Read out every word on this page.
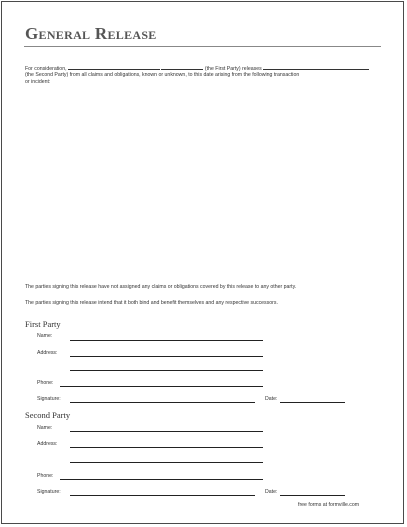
General Release
For consideration,	(the First Party) releases
(the Second Party) from all claims and obligations, known or unknown, to this date arising from the following transaction
or incident:
The parties signing this release have not assigned any claims or obligations covered by this release to any other party.
The parties signing this release intend that it both bind and benefit themselves and any respective successors.
First Party
Name:
Address:
Phone:
Signature:	Date:
Second Party
Name:
Address:
Phone:
Signature:	Date:
free forms at formville.com
